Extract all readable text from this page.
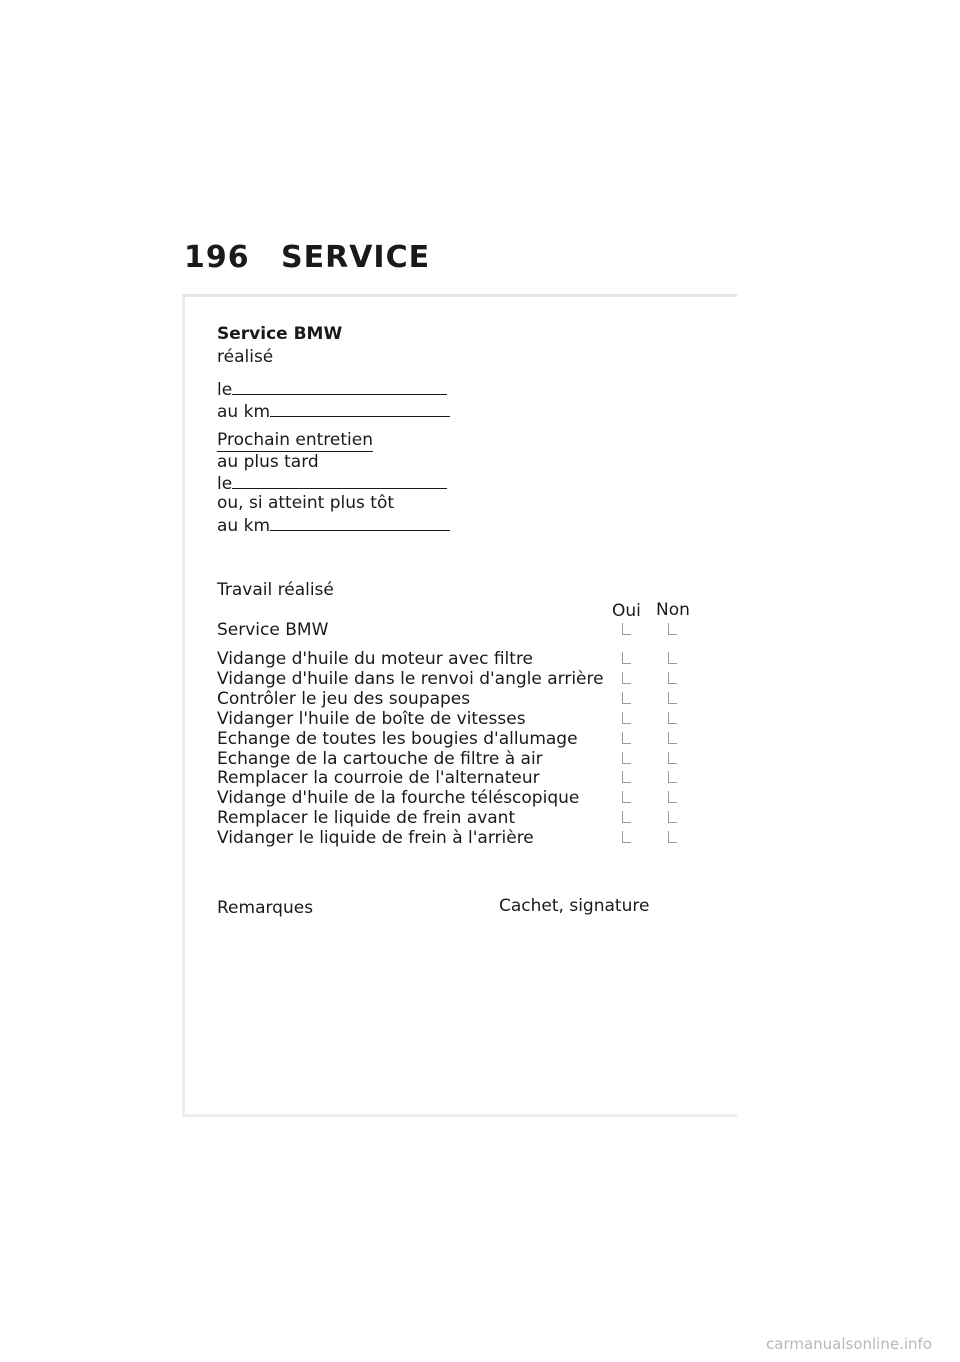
196 SERVICE
Service BMW
réalisé
le
au km
Prochain entretien
au plus tard
le
ou, si atteint plus tôt
au km
Travail réalisé
Oui Non
Service BMW
Vidange d'huile du moteur avec filtre
Vidange d'huile dans le renvoi d'angle arrière
Contrôler le jeu des soupapes
Vidanger l'huile de boîte de vitesses
Echange de toutes les bougies d'allumage
Echange de la cartouche de filtre à air
Remplacer la courroie de l'alternateur
Vidange d'huile de la fourche téléscopique
Remplacer le liquide de frein avant
Vidanger le liquide de frein à l'arrière
Remarques	Cachet, signature
carmanualsonline.info
